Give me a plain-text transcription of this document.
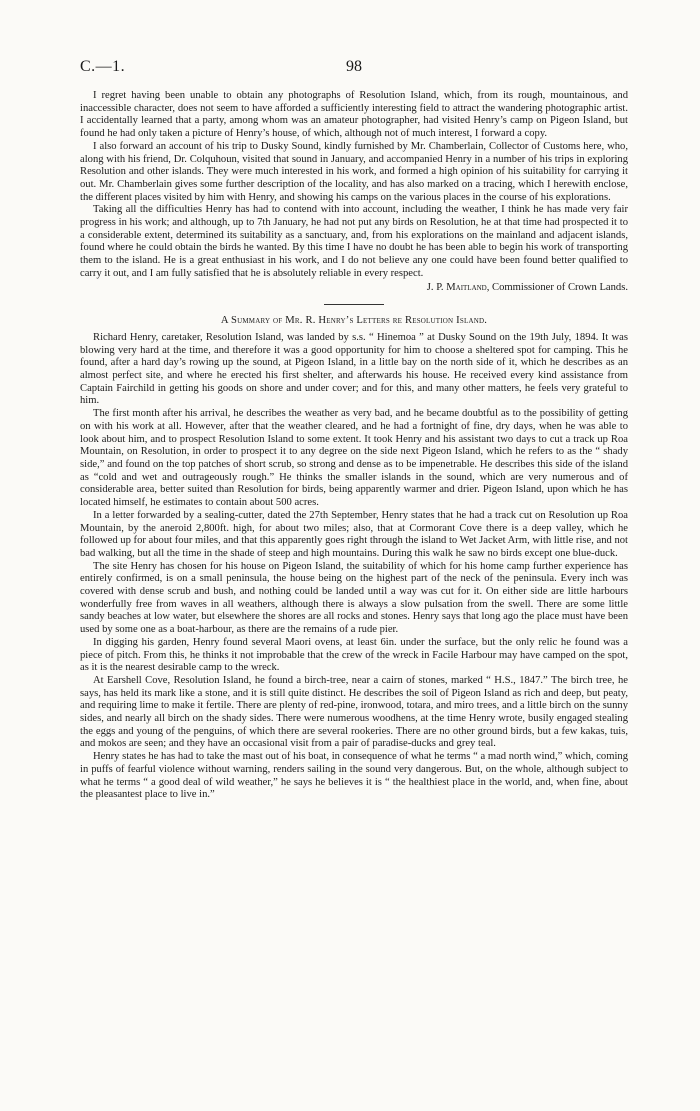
C.—1.	98

I regret having been unable to obtain any photographs of Resolution Island, which, from its rough, mountainous, and inaccessible character, does not seem to have afforded a sufficiently interesting field to attract the wandering photographic artist. I accidentally learned that a party, among whom was an amateur photographer, had visited Henry’s camp on Pigeon Island, but found he had only taken a picture of Henry’s house, of which, although not of much interest, I forward a copy.

I also forward an account of his trip to Dusky Sound, kindly furnished by Mr. Chamberlain, Collector of Customs here, who, along with his friend, Dr. Colquhoun, visited that sound in January, and accompanied Henry in a number of his trips in exploring Resolution and other islands. They were much interested in his work, and formed a high opinion of his suitability for carrying it out. Mr. Chamberlain gives some further description of the locality, and has also marked on a tracing, which I herewith enclose, the different places visited by him with Henry, and showing his camps on the various places in the course of his explorations.

Taking all the difficulties Henry has had to contend with into account, including the weather, I think he has made very fair progress in his work; and although, up to 7th January, he had not put any birds on Resolution, he at that time had prospected it to a considerable extent, determined its suitability as a sanctuary, and, from his explorations on the mainland and adjacent islands, found where he could obtain the birds he wanted. By this time I have no doubt he has been able to begin his work of transporting them to the island. He is a great enthusiast in his work, and I do not believe any one could have been found better qualified to carry it out, and I am fully satisfied that he is absolutely reliable in every respect.

J. P. Maitland, Commissioner of Crown Lands.

A Summary of Mr. R. Henry’s Letters re Resolution Island.

Richard Henry, caretaker, Resolution Island, was landed by s.s. “ Hinemoa ” at Dusky Sound on the 19th July, 1894. It was blowing very hard at the time, and therefore it was a good opportunity for him to choose a sheltered spot for camping. This he found, after a hard day’s rowing up the sound, at Pigeon Island, in a little bay on the north side of it, which he describes as an almost perfect site, and where he erected his first shelter, and afterwards his house. He received every kind assistance from Captain Fairchild in getting his goods on shore and under cover; and for this, and many other matters, he feels very grateful to him.

The first month after his arrival, he describes the weather as very bad, and he became doubtful as to the possibility of getting on with his work at all. However, after that the weather cleared, and he had a fortnight of fine, dry days, when he was able to look about him, and to prospect Resolution Island to some extent. It took Henry and his assistant two days to cut a track up Roa Mountain, on Resolution, in order to prospect it to any degree on the side next Pigeon Island, which he refers to as the “ shady side,” and found on the top patches of short scrub, so strong and dense as to be impenetrable. He describes this side of the island as “cold and wet and outrageously rough.” He thinks the smaller islands in the sound, which are very numerous and of considerable area, better suited than Resolution for birds, being apparently warmer and drier. Pigeon Island, upon which he has located himself, he estimates to contain about 500 acres.

In a letter forwarded by a sealing-cutter, dated the 27th September, Henry states that he had a track cut on Resolution up Roa Mountain, by the aneroid 2,800ft. high, for about two miles; also, that at Cormorant Cove there is a deep valley, which he followed up for about four miles, and that this apparently goes right through the island to Wet Jacket Arm, with little rise, and not bad walking, but all the time in the shade of steep and high mountains. During this walk he saw no birds except one blue-duck.

The site Henry has chosen for his house on Pigeon Island, the suitability of which for his home camp further experience has entirely confirmed, is on a small peninsula, the house being on the highest part of the neck of the peninsula. Every inch was covered with dense scrub and bush, and nothing could be landed until a way was cut for it. On either side are little harbours wonderfully free from waves in all weathers, although there is always a slow pulsation from the swell. There are some little sandy beaches at low water, but elsewhere the shores are all rocks and stones. Henry says that long ago the place must have been used by some one as a boat-harbour, as there are the remains of a rude pier.

In digging his garden, Henry found several Maori ovens, at least 6in. under the surface, but the only relic he found was a piece of pitch. From this, he thinks it not improbable that the crew of the wreck in Facile Harbour may have camped on the spot, as it is the nearest desirable camp to the wreck.

At Earshell Cove, Resolution Island, he found a birch-tree, near a cairn of stones, marked “ H.S., 1847.” The birch tree, he says, has held its mark like a stone, and it is still quite distinct. He describes the soil of Pigeon Island as rich and deep, but peaty, and requiring lime to make it fertile. There are plenty of red-pine, ironwood, totara, and miro trees, and a little birch on the sunny sides, and nearly all birch on the shady sides. There were numerous woodhens, at the time Henry wrote, busily engaged stealing the eggs and young of the penguins, of which there are several rookeries. There are no other ground birds, but a few kakas, tuis, and mokos are seen; and they have an occasional visit from a pair of paradise-ducks and grey teal.

Henry states he has had to take the mast out of his boat, in consequence of what he terms “ a mad north wind,” which, coming in puffs of fearful violence without warning, renders sailing in the sound very dangerous. But, on the whole, although subject to what he terms “ a good deal of wild weather,” he says he believes it is “ the healthiest place in the world, and, when fine, about the pleasantest place to live in.”
